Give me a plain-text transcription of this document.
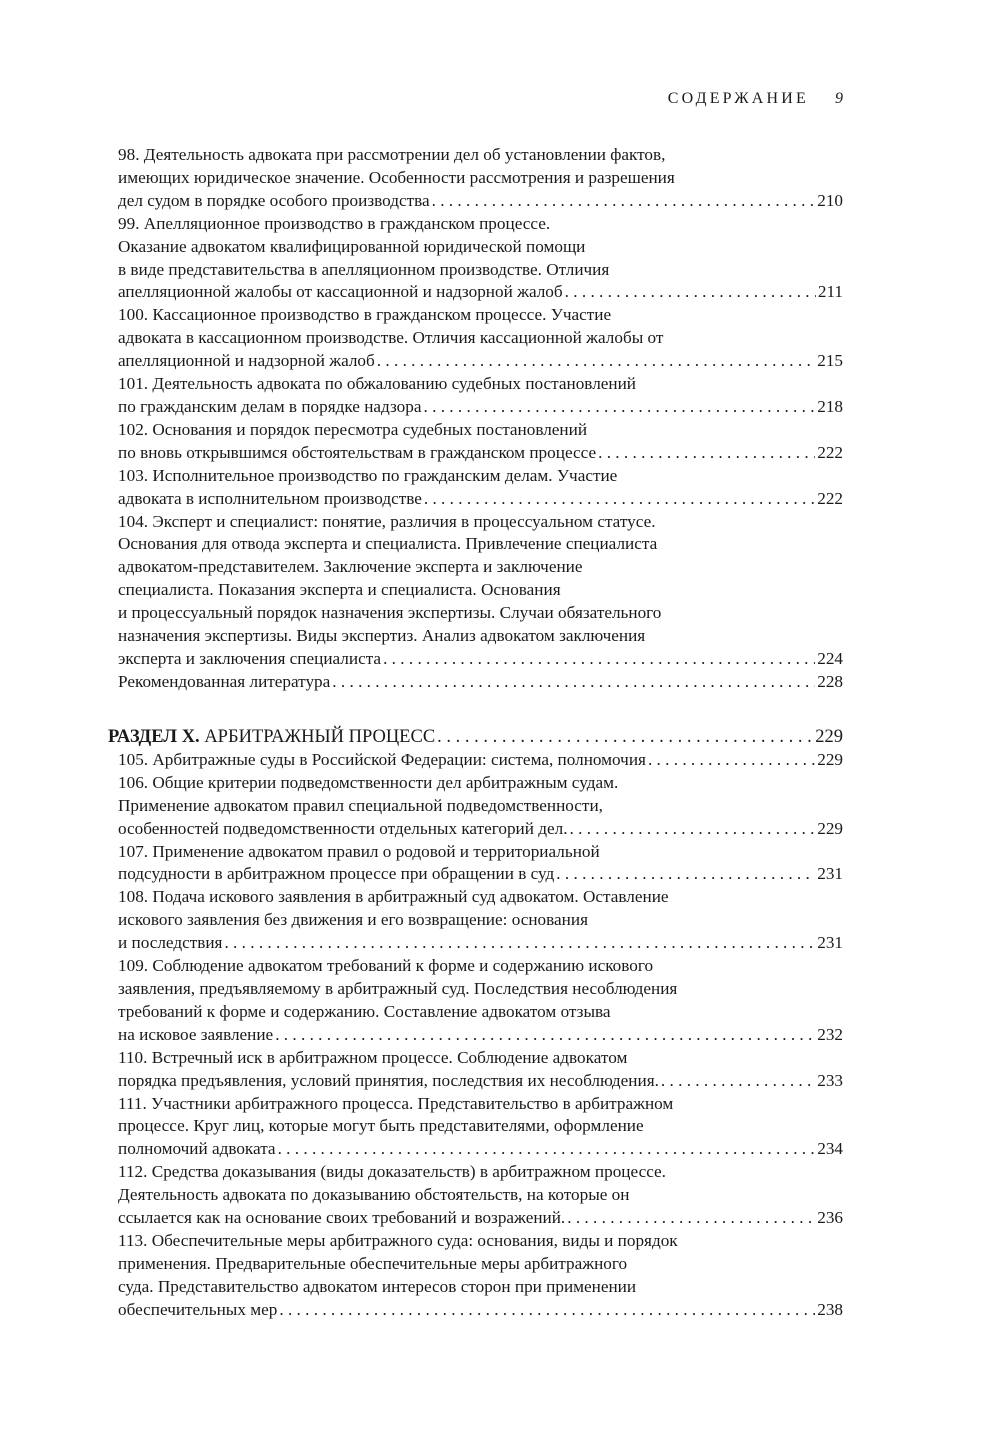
СОДЕРЖАНИЕ 9
98. Деятельность адвоката при рассмотрении дел об установлении фактов,
имеющих юридическое значение. Особенности рассмотрения и разрешения
дел судом в порядке особого производства . . .	210
99. Апелляционное производство в гражданском процессе.
Оказание адвокатом квалифицированной юридической помощи
в виде представительства в апелляционном производстве. Отличия
апелляционной жалобы от кассационной и надзорной жалоб . . .	211
100. Кассационное производство в гражданском процессе. Участие
адвоката в кассационном производстве. Отличия кассационной жалобы от
апелляционной и надзорной жалоб . . .	215
101. Деятельность адвоката по обжалованию судебных постановлений
по гражданским делам в порядке надзора . . .	218
102. Основания и порядок пересмотра судебных постановлений
по вновь открывшимся обстоятельствам в гражданском процессе . . .	222
103. Исполнительное производство по гражданским делам. Участие
адвоката в исполнительном производстве . . .	222
104. Эксперт и специалист: понятие, различия в процессуальном статусе.
Основания для отвода эксперта и специалиста. Привлечение специалиста
адвокатом-представителем. Заключение эксперта и заключение
специалиста. Показания эксперта и специалиста. Основания
и процессуальный порядок назначения экспертизы. Случаи обязательного
назначения экспертизы. Виды экспертиз. Анализ адвокатом заключения
эксперта и заключения специалиста . . .	224
Рекомендованная литература . . .	228
РАЗДЕЛ X. АРБИТРАЖНЫЙ ПРОЦЕСС . . .	229
105. Арбитражные суды в Российской Федерации: система, полномочия . . .	229
106. Общие критерии подведомственности дел арбитражным судам.
Применение адвокатом правил специальной подведомственности,
особенностей подведомственности отдельных категорий дел. . . .	229
107. Применение адвокатом правил о родовой и территориальной
подсудности в арбитражном процессе при обращении в суд . . .	231
108. Подача искового заявления в арбитражный суд адвокатом. Оставление
искового заявления без движения и его возвращение: основания
и последствия . . .	231
109. Соблюдение адвокатом требований к форме и содержанию искового
заявления, предъявляемому в арбитражный суд. Последствия несоблюдения
требований к форме и содержанию. Составление адвокатом отзыва
на исковое заявление . . .	232
110. Встречный иск в арбитражном процессе. Соблюдение адвокатом
порядка предъявления, условий принятия, последствия их несоблюдения. . . .	233
111. Участники арбитражного процесса. Представительство в арбитражном
процессе. Круг лиц, которые могут быть представителями, оформление
полномочий адвоката . . .	234
112. Средства доказывания (виды доказательств) в арбитражном процессе.
Деятельность адвоката по доказыванию обстоятельств, на которые он
ссылается как на основание своих требований и возражений. . . .	236
113. Обеспечительные меры арбитражного суда: основания, виды и порядок
применения. Предварительные обеспечительные меры арбитражного
суда. Представительство адвокатом интересов сторон при применении
обеспечительных мер . . .	238
